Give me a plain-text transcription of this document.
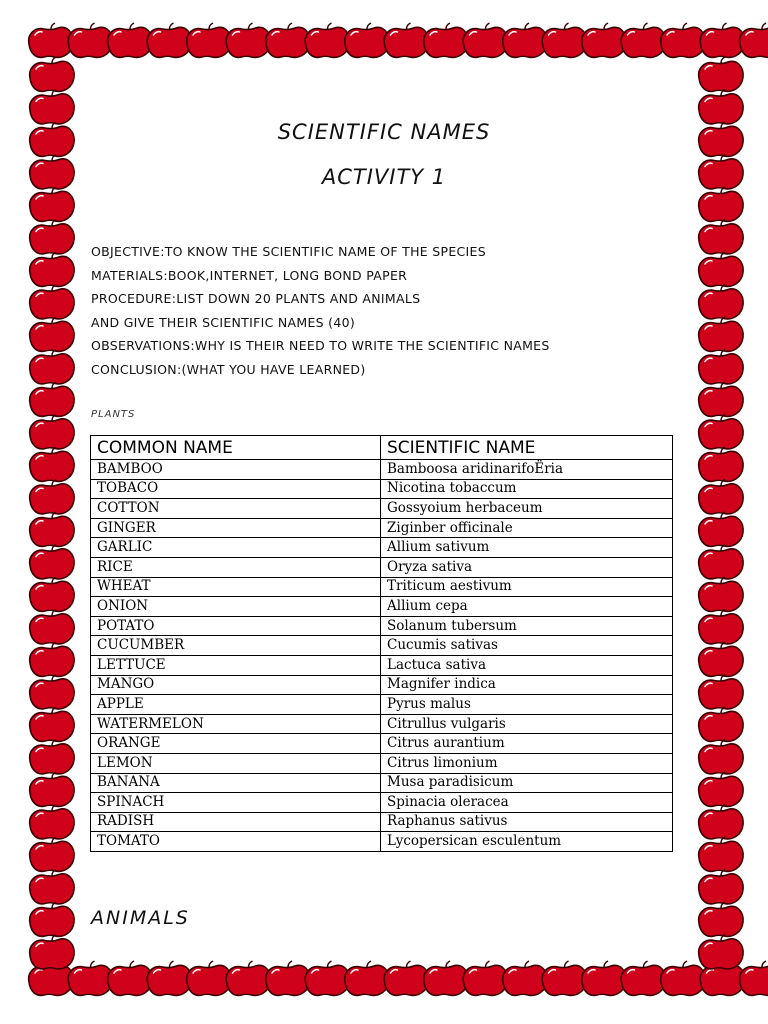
SCIENTIFIC NAMES
ACTIVITY 1
OBJECTIVE:TO KNOW THE SCIENTIFIC NAME OF THE SPECIES
MATERIALS:BOOK,INTERNET, LONG BOND PAPER
PROCEDURE:LIST DOWN 20 PLANTS AND ANIMALS
AND GIVE THEIR SCIENTIFIC NAMES (40)
OBSERVATIONS:WHY IS THEIR NEED TO WRITE THE SCIENTIFIC NAMES
CONCLUSION:(WHAT YOU HAVE LEARNED)
PLANTS
COMMON NAME	SCIENTIFIC NAME
BAMBOO	Bamboosa aridinarifoЁria
TOBACO	Nicotina tobaccum
COTTON	Gossyoium herbaceum
GINGER	Ziginber officinale
GARLIC	Allium sativum
RICE	Oryza sativa
WHEAT	Triticum aestivum
ONION	Allium cepa
POTATO	Solanum tubersum
CUCUMBER	Cucumis sativas
LETTUCE	Lactuca sativa
MANGO	Magnifer indica
APPLE	Pyrus malus
WATERMELON	Citrullus vulgaris
ORANGE	Citrus aurantium
LEMON	Citrus limonium
BANANA	Musa paradisicum
SPINACH	Spinacia oleracea
RADISH	Raphanus sativus
TOMATO	Lycopersican esculentum
ANIMALS
